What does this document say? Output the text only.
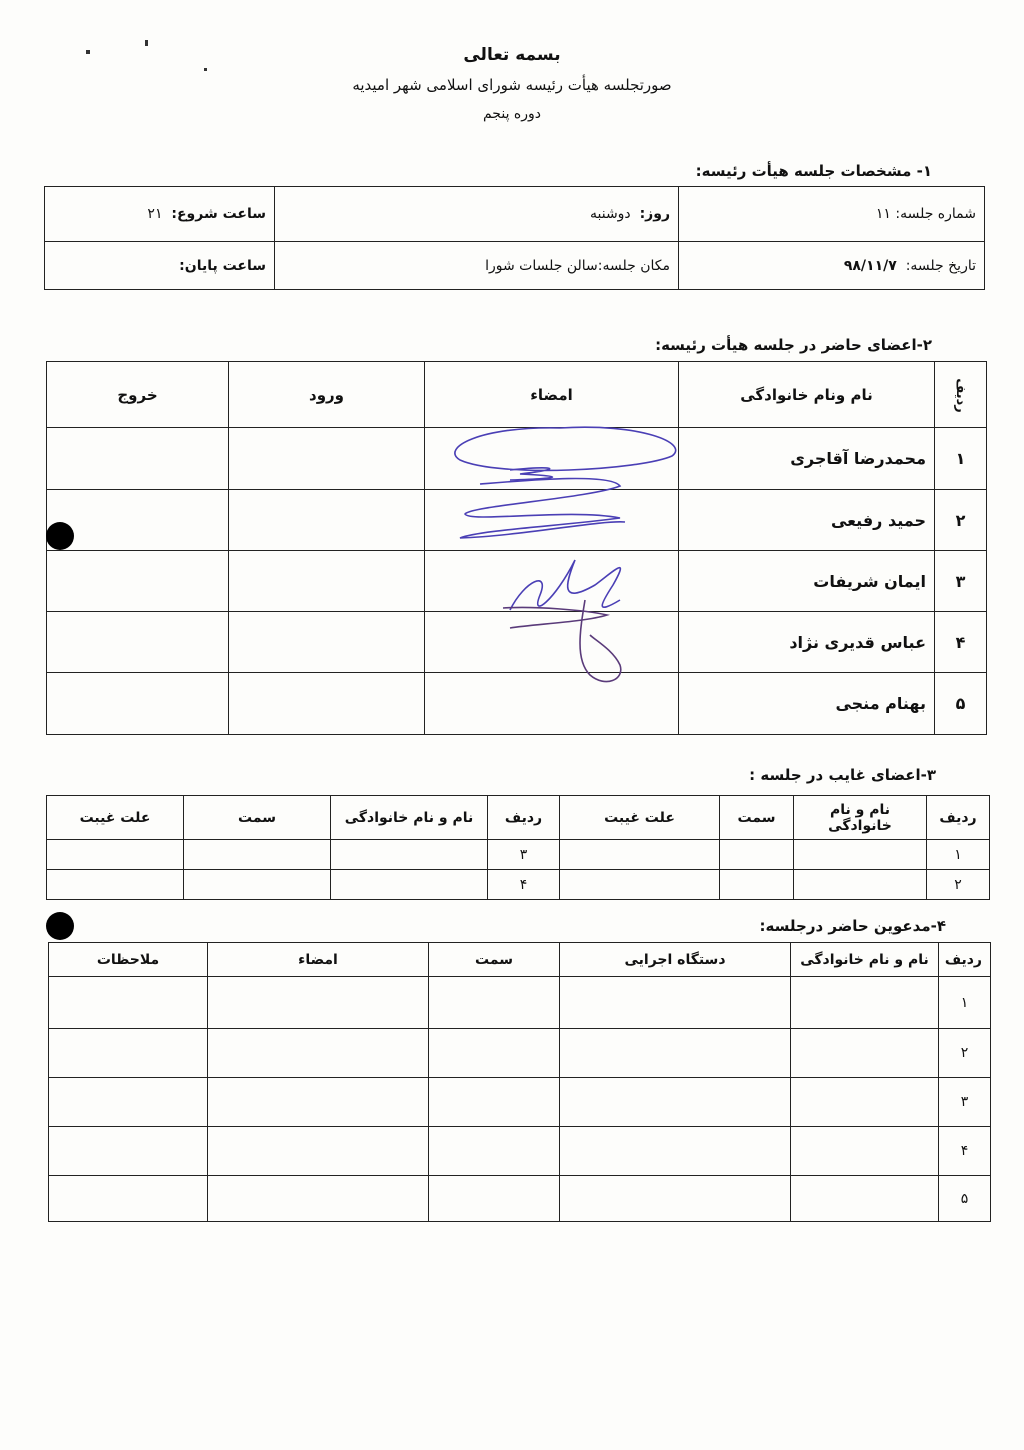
بسمه تعالی
صورتجلسه هیأت رئیسه شورای اسلامی شهر امیدیه
دوره پنجم
۱- مشخصات جلسه هیأت رئیسه:
شماره جلسه: ۱۱	روز:  دوشنبه	ساعت شروع:  ۲۱
تاریخ جلسه:  ۹۸/۱۱/۷	مکان جلسه:سالن جلسات شورا	ساعت پایان:
۲-اعضای حاضر در جلسه هیأت رئیسه:
ردیف	نام ونام خانوادگی	امضاء	ورود	خروج
۱	محمدرضا آقاجری			
۲	حمید رفیعی			
۳	ایمان شریفات			
۴	عباس قدیری نژاد			
۵	بهنام منجی			
۳-اعضای غایب در جلسه :
ردیف	نام و نام خانوادگی	سمت	علت غیبت	ردیف	نام و نام خانوادگی	سمت	علت غیبت
۱				۳			
۲				۴			
۴-مدعوین حاضر درجلسه:
ردیف	نام و نام خانوادگی	دستگاه اجرایی	سمت	امضاء	ملاحظات
۱					
۲					
۳					
۴					
۵					
